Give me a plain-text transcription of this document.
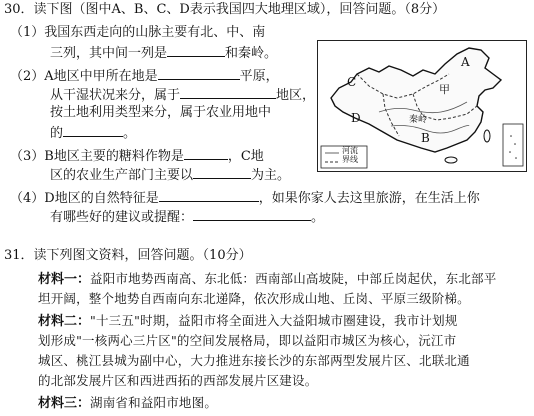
30．读下图（图中A、B、C、D表示我国四大地理区域），回答问题。（8分）
（1）我国东西走向的山脉主要有北、中、南
三列，其中间一列是	和秦岭。
（2）A地区中甲所在地是	平原，
从干湿状况来分，属于	地区，
按土地利用类型来分，属于农业用地中
的	。
（3）B地区主要的糖料作物是	，C地
区的农业生产部门主要以	为主。
（4）D地区的自然特征是	，如果你家人去这里旅游，在生活上你
有哪些好的建议或提醒：	。
A
甲
C
D	秦岭
B
河流
界线
31．读下列图文资料，回答问题。（10分）
材料一：益阳市地势西南高、东北低：西南部山高坡陡，中部丘岗起伏，东北部平
坦开阔，整个地势自西南向东北递降，依次形成山地、丘岗、平原三级阶梯。
材料二："十三五"时期，益阳市将全面进入大益阳城市圈建设，我市计划规
划形成"一核两心三片区"的空间发展格局，即以益阳市城区为核心，沅江市
城区、桃江县城为副中心，大力推进东接长沙的东部两型发展片区、北联北通
的北部发展片区和西进西拓的西部发展片区建设。
材料三：湖南省和益阳市地图。
